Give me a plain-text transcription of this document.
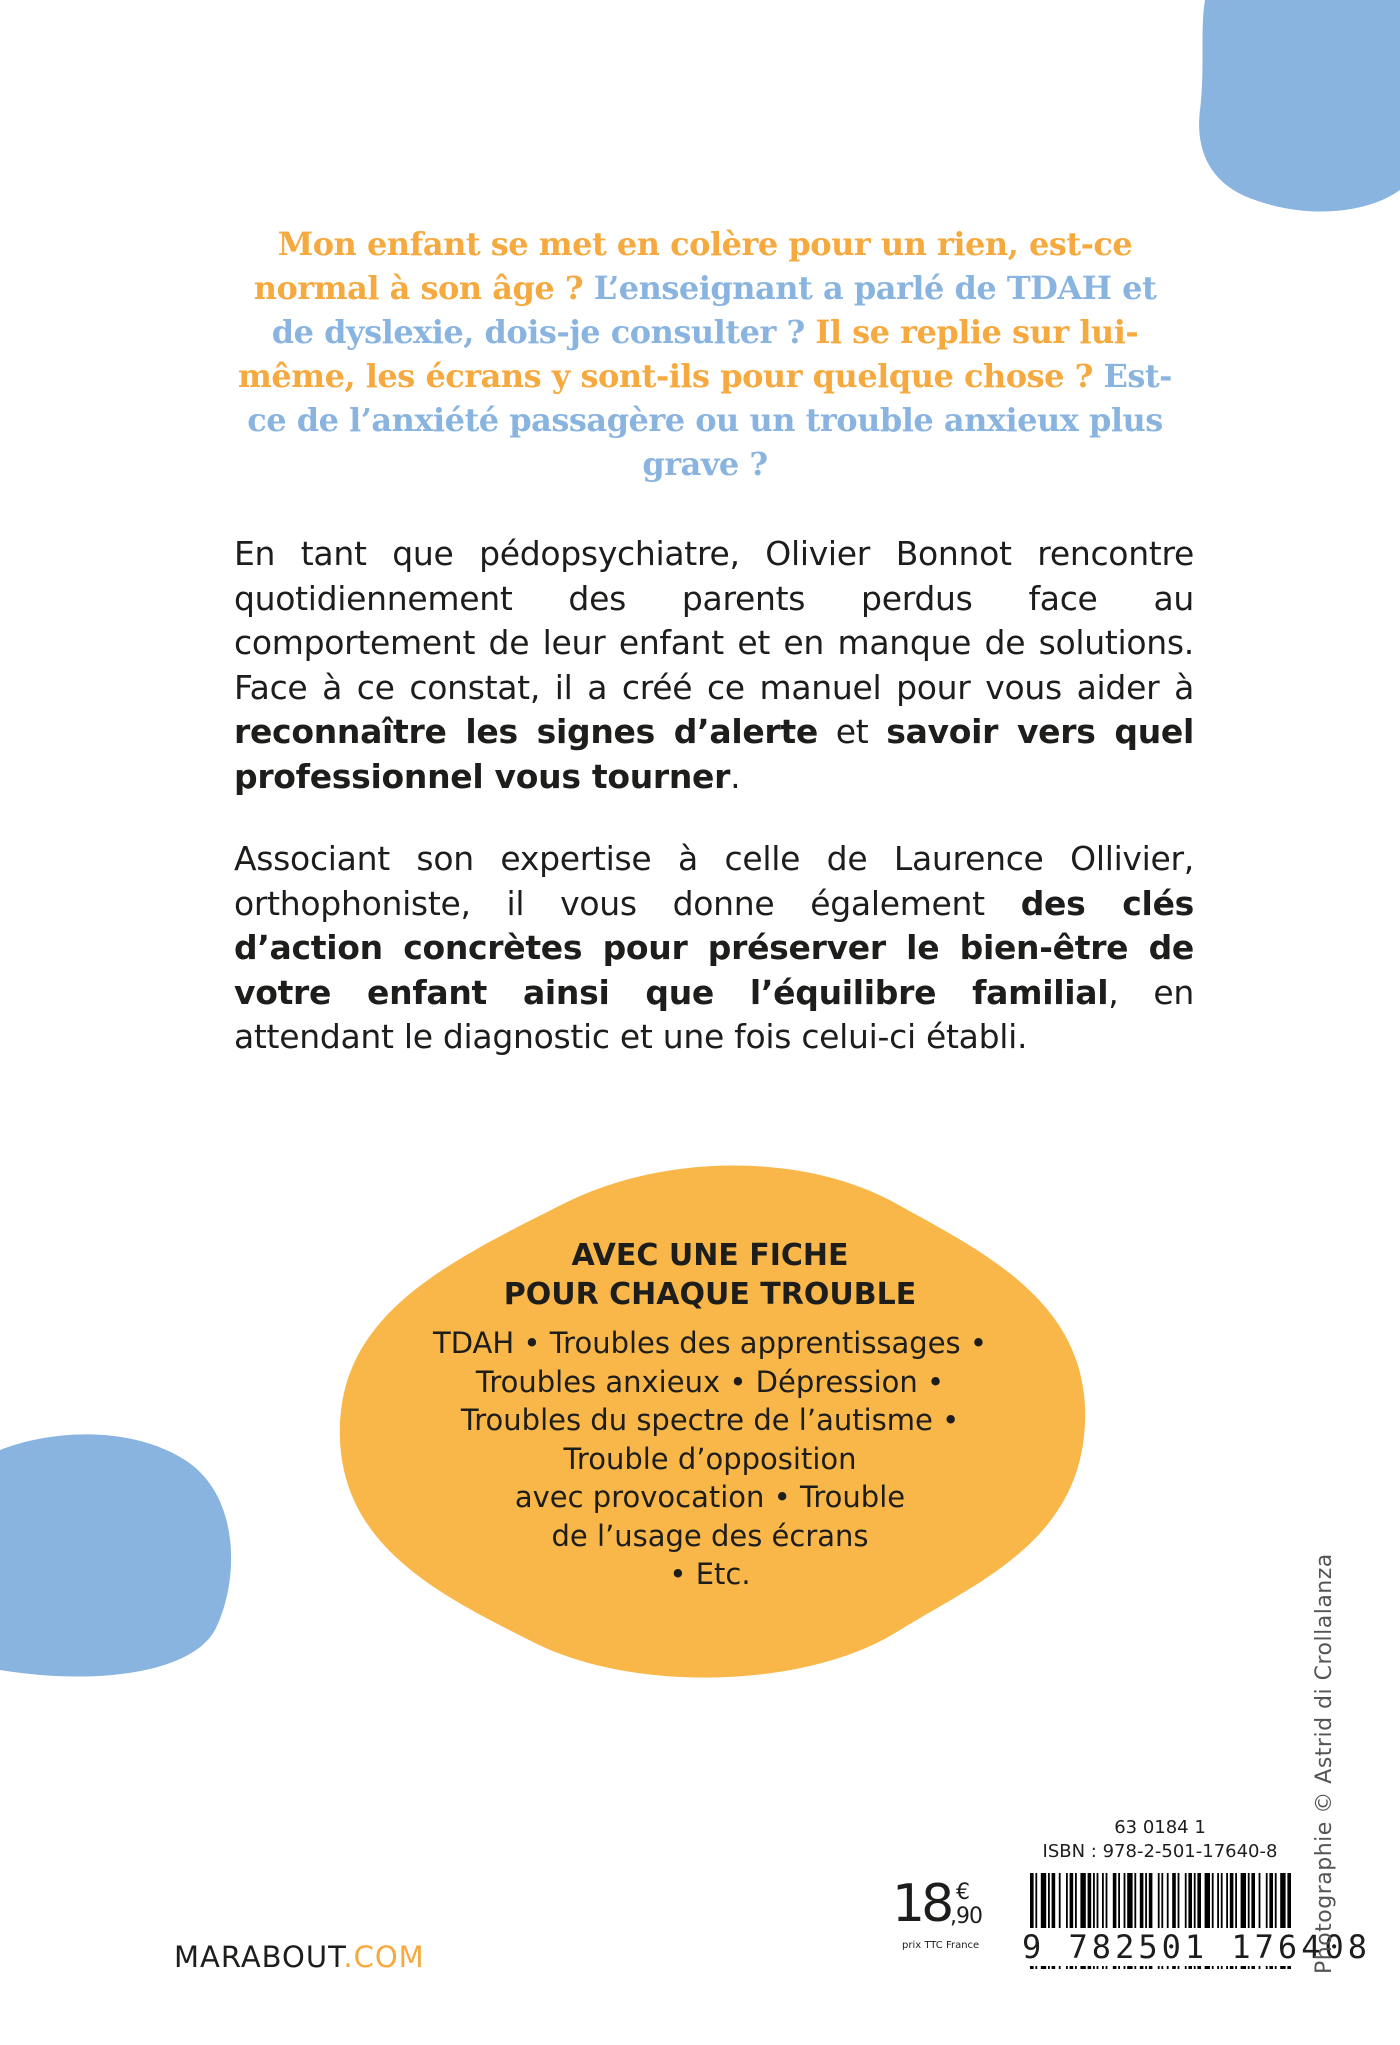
Mon enfant se met en colère pour un rien, est-ce normal à son âge ? L’enseignant a parlé de TDAH et de dyslexie, dois-je consulter ? Il se replie sur lui-même, les écrans y sont-ils pour quelque chose ? Est-ce de l’anxiété passagère ou un trouble anxieux plus grave ?
En tant que pédopsychiatre, Olivier Bonnot rencontre quotidiennement des parents perdus face au comportement de leur enfant et en manque de solutions. Face à ce constat, il a créé ce manuel pour vous aider à reconnaître les signes d’alerte et savoir vers quel professionnel vous tourner.
Associant son expertise à celle de Laurence Ollivier, orthophoniste, il vous donne également des clés d’action concrètes pour préserver le bien-être de votre enfant ainsi que l’équilibre familial, en attendant le diagnostic et une fois celui-ci établi.
AVEC UNE FICHE
POUR CHAQUE TROUBLE
TDAH • Troubles des apprentissages •
Troubles anxieux • Dépression •
Troubles du spectre de l’autisme •
Trouble d’opposition
avec provocation • Trouble
de l’usage des écrans
• Etc.
MARABOUT.COM
18 €
,90
prix TTC France
63 0184 1
ISBN : 978-2-501-17640-8
9 782501 176408
Photographie © Astrid di Crollalanza
